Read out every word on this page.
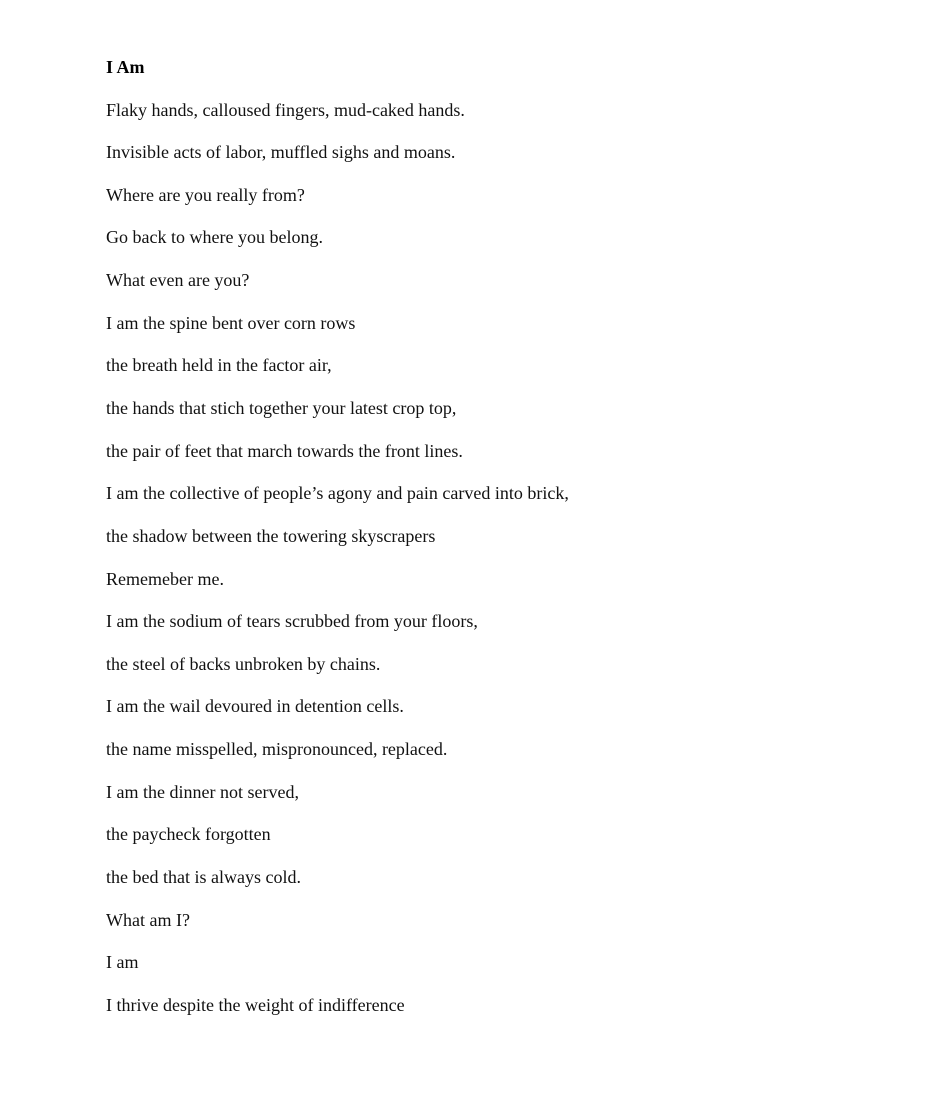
I Am
Flaky hands, calloused fingers, mud-caked hands.
Invisible acts of labor, muffled sighs and moans.
Where are you really from?
Go back to where you belong.
What even are you?
I am the spine bent over corn rows
the breath held in the factor air,
the hands that stich together your latest crop top,
the pair of feet that march towards the front lines.
I am the collective of people’s agony and pain carved into brick,
the shadow between the towering skyscrapers
Rememeber me.
I am the sodium of tears scrubbed from your floors,
the steel of backs unbroken by chains.
I am the wail devoured in detention cells.
the name misspelled, mispronounced, replaced.
I am the dinner not served,
the paycheck forgotten
the bed that is always cold.
What am I?
I am
I thrive despite the weight of indifference
